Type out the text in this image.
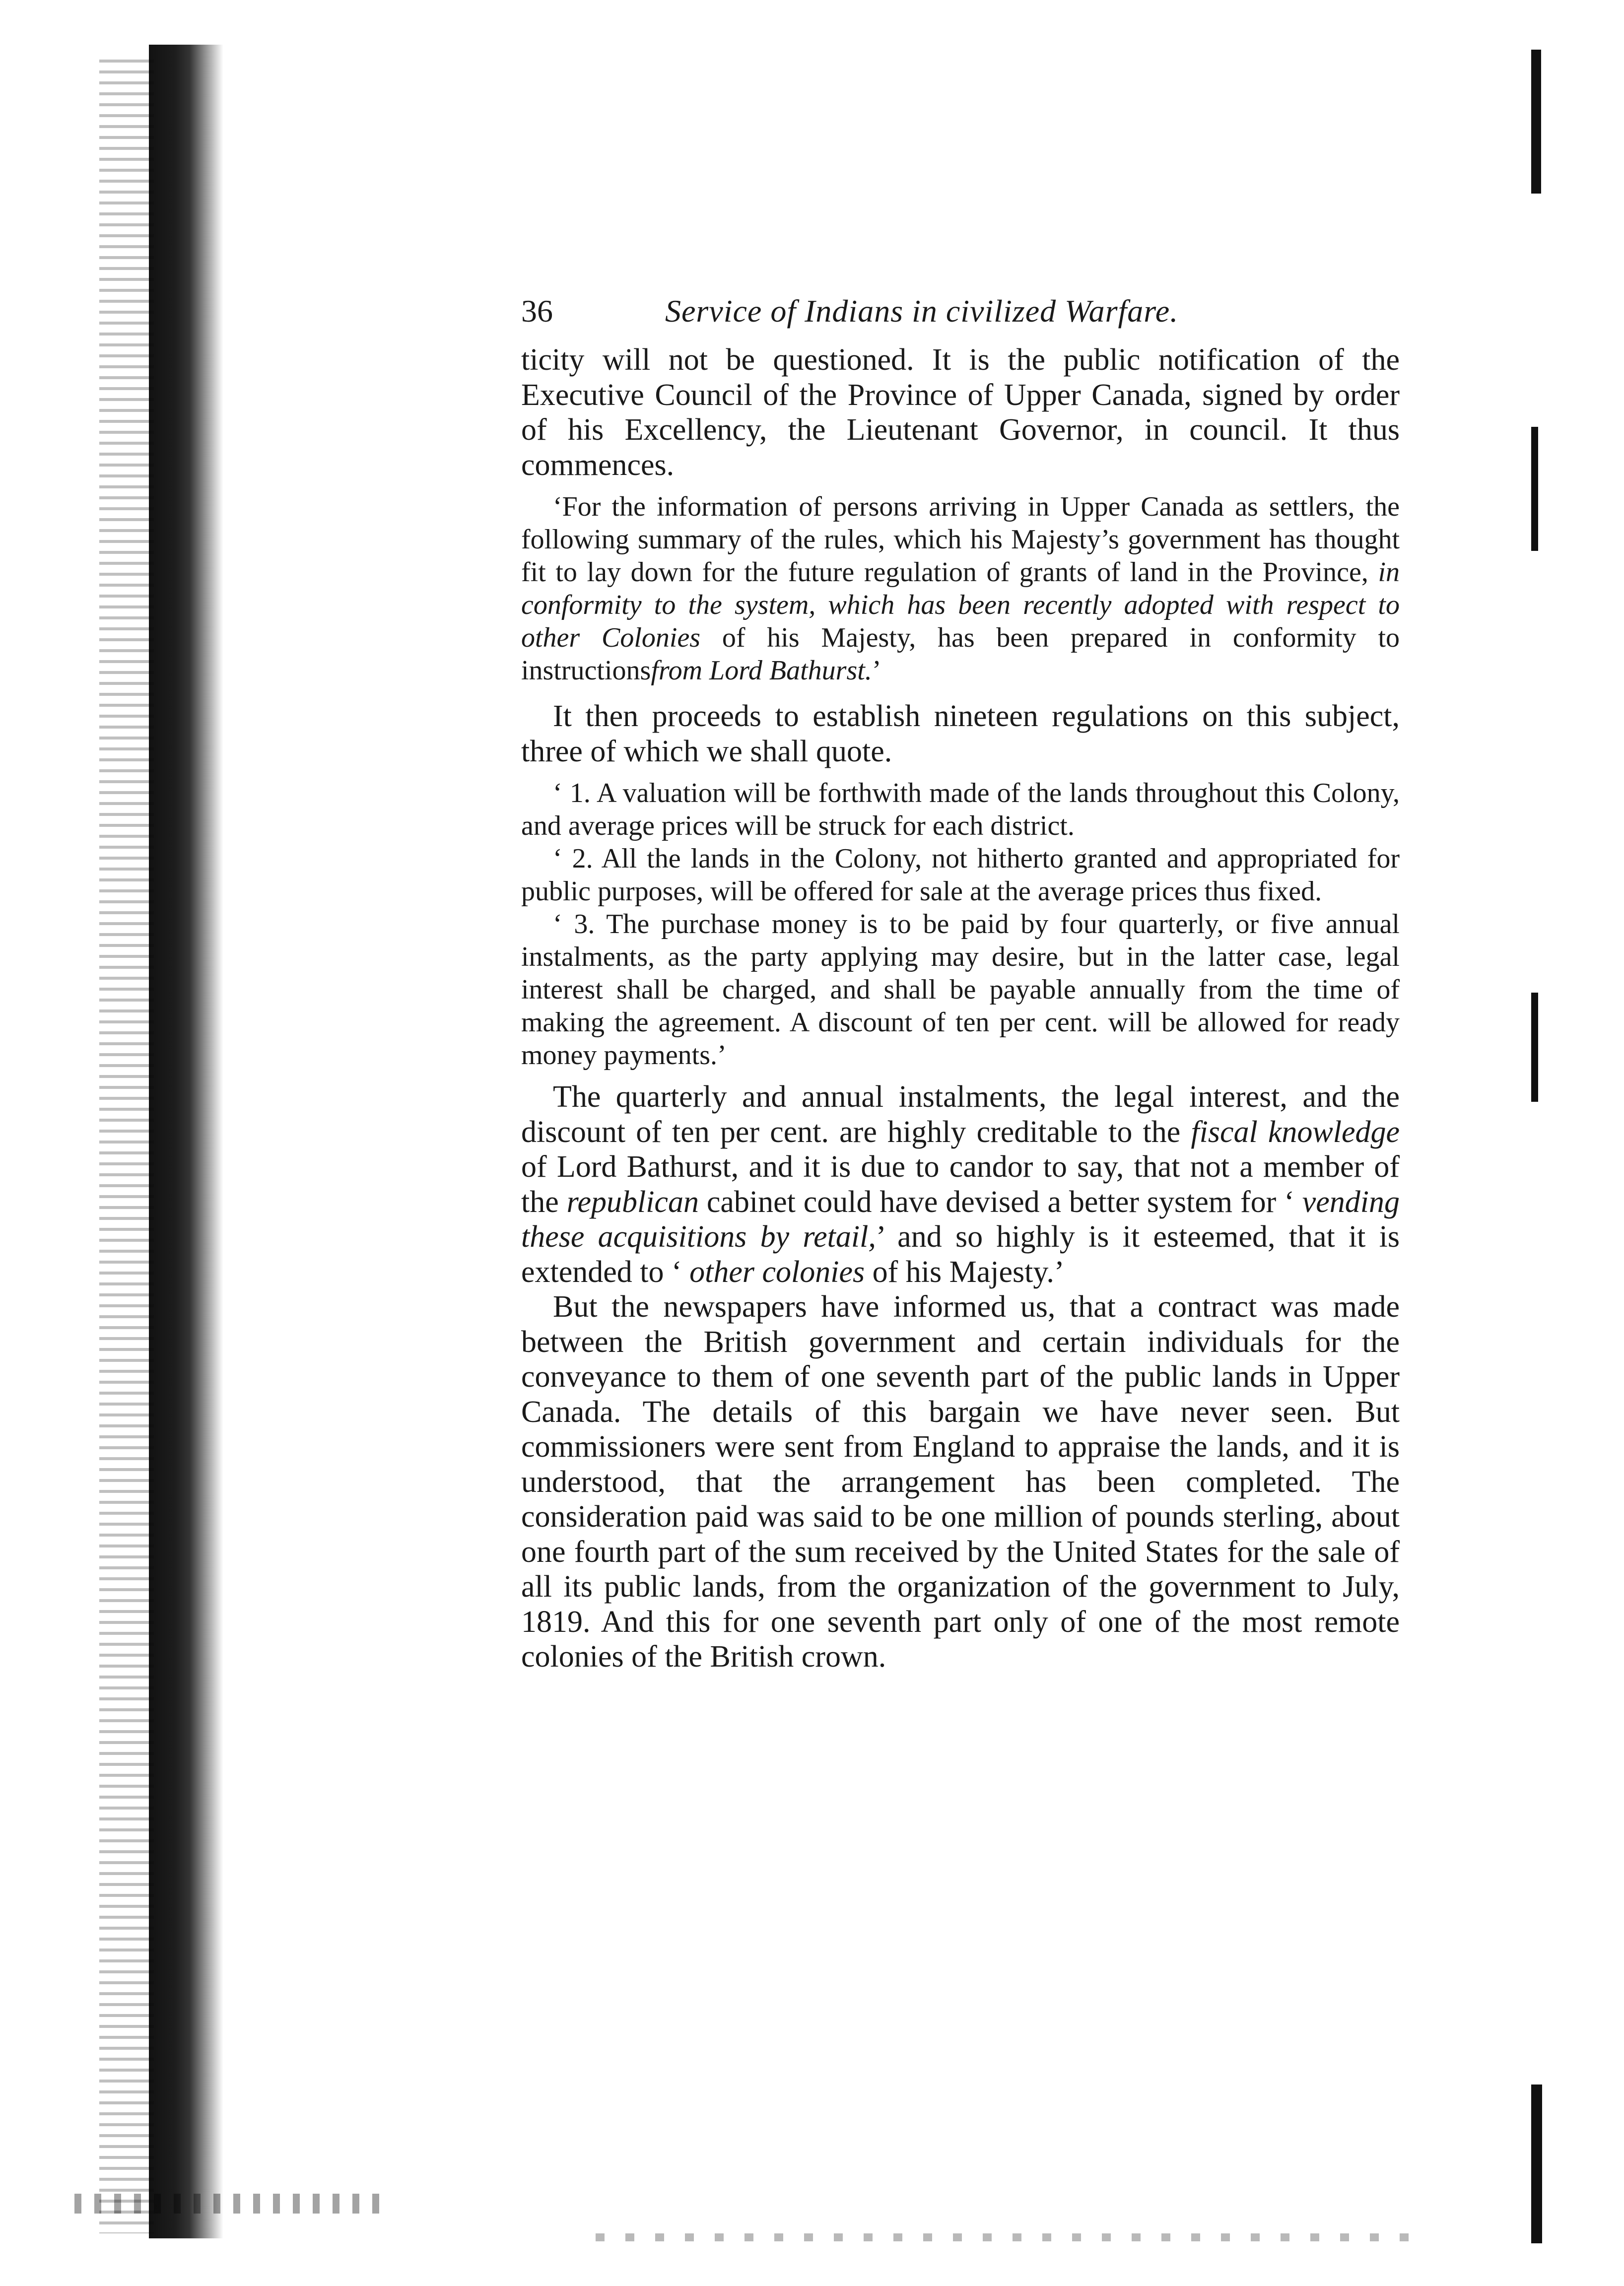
36	Service of Indians in civilized Warfare.

ticity will not be questioned. It is the public notification of the Executive Council of the Province of Upper Canada, signed by order of his Excellency, the Lieutenant Governor, in council. It thus commences.

‘For the information of persons arriving in Upper Canada as settlers, the following summary of the rules, which his Majesty’s government has thought fit to lay down for the future regulation of grants of land in the Province, in conformity to the system, which has been recently adopted with respect to other Colonies of his Majesty, has been prepared in conformity to instructionsfrom Lord Bathurst.’

It then proceeds to establish nineteen regulations on this subject, three of which we shall quote.

‘ 1. A valuation will be forthwith made of the lands throughout this Colony, and average prices will be struck for each district.

‘ 2. All the lands in the Colony, not hitherto granted and appropriated for public purposes, will be offered for sale at the average prices thus fixed.

‘ 3. The purchase money is to be paid by four quarterly, or five annual instalments, as the party applying may desire, but in the latter case, legal interest shall be charged, and shall be payable annually from the time of making the agreement. A discount of ten per cent. will be allowed for ready money payments.’

The quarterly and annual instalments, the legal interest, and the discount of ten per cent. are highly creditable to the fiscal knowledge of Lord Bathurst, and it is due to candor to say, that not a member of the republican cabinet could have devised a better system for ‘ vending these acquisitions by retail,’ and so highly is it esteemed, that it is extended to ‘ other colonies of his Majesty.’

But the newspapers have informed us, that a contract was made between the British government and certain individuals for the conveyance to them of one seventh part of the public lands in Upper Canada. The details of this bargain we have never seen. But commissioners were sent from England to appraise the lands, and it is understood, that the arrangement has been completed. The consideration paid was said to be one million of pounds sterling, about one fourth part of the sum received by the United States for the sale of all its public lands, from the organization of the government to July, 1819. And this for one seventh part only of one of the most remote colonies of the British crown.
